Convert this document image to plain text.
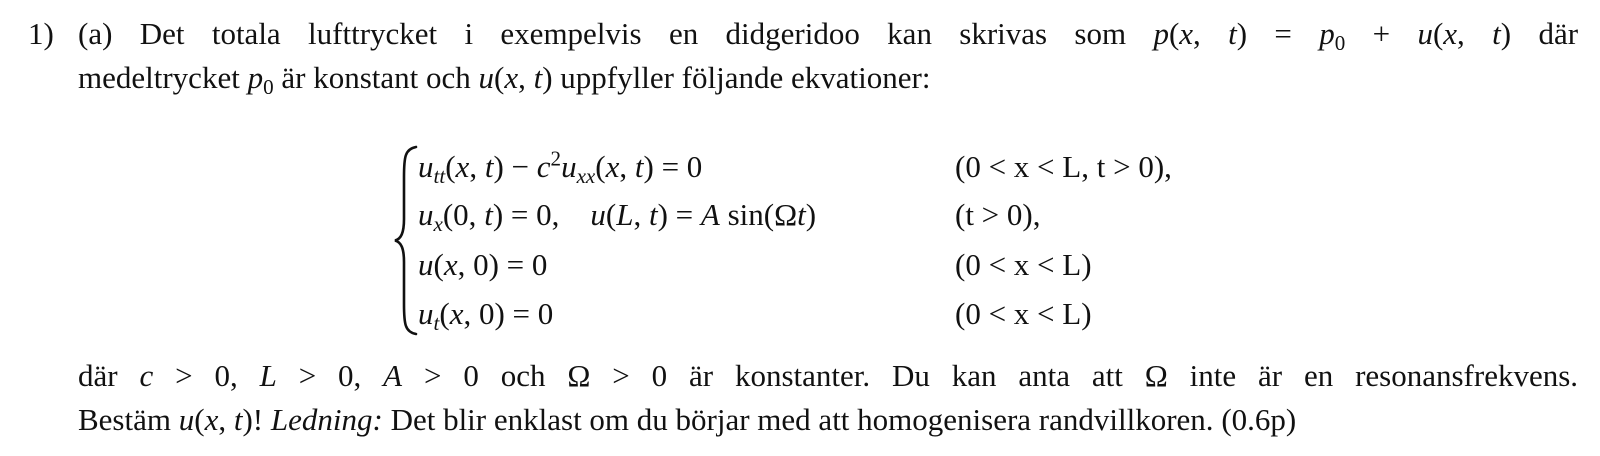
1) (a) Det totala lufttrycket i exempelvis en didgeridoo kan skrivas som p(x, $t) = p_0 + u(x$, t) där
medeltrycket $p_0$ är konstant och u(x, t) uppfyller följande ekvationer:
$u_{tt}(x$, $t) - c^2u_{xx}(x$, t) = 0	(0 < x < L, t > 0),
$u_x(0$, t) = 0,    u(L, t) = A sin(Ωt)	(t > 0),
u(x, 0) = 0	(0 < x < L)
$u_t(x$, 0) = 0	(0 < x < L)
där c > 0, L > 0, A > 0 och Ω > 0 är konstanter. Du kan anta att Ω inte är en resonansfrekvens.
Bestäm u(x, t)! Ledning: Det blir enklast om du börjar med att homogenisera randvillkoren. (0.6p)
